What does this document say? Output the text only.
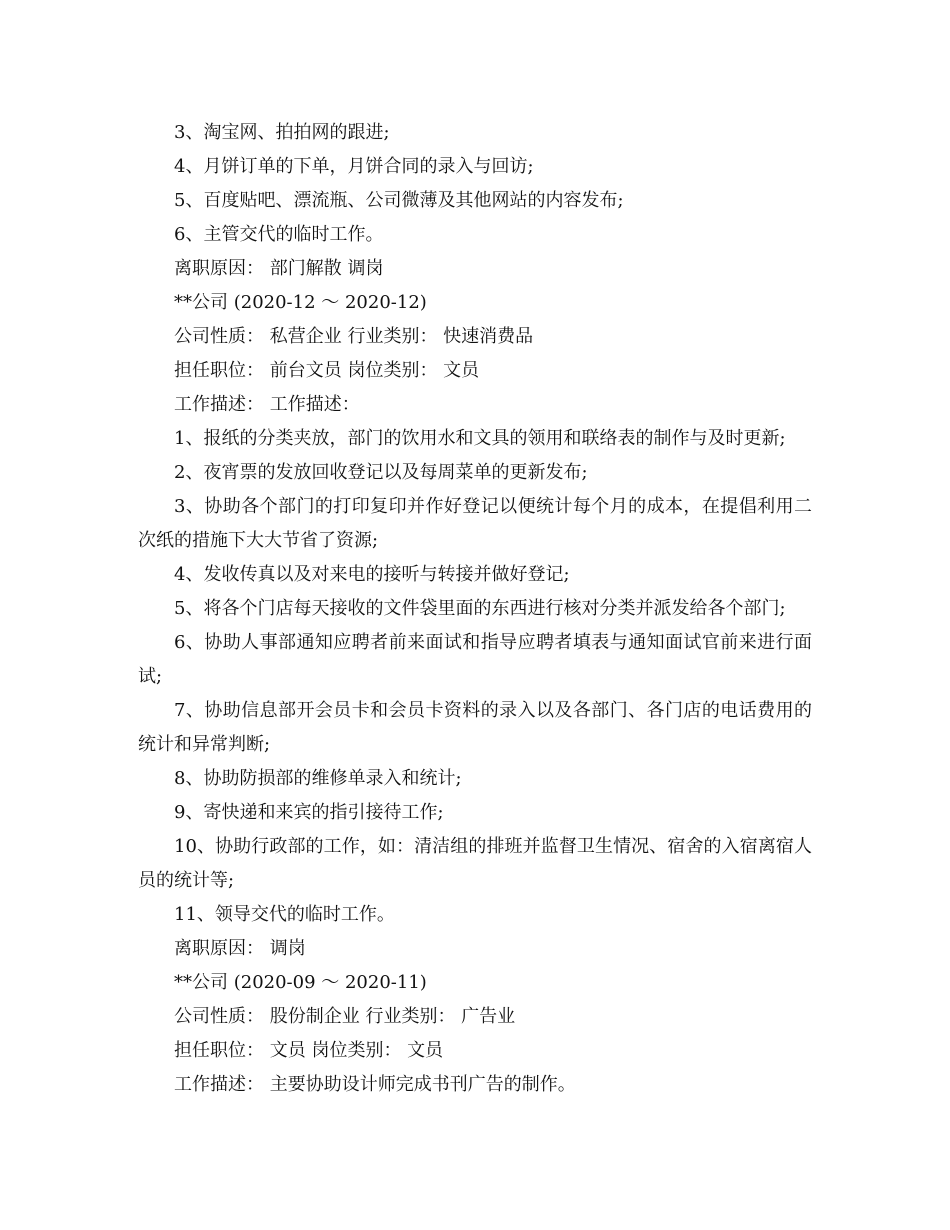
3、淘宝网、拍拍网的跟进;

4、月饼订单的下单，月饼合同的录入与回访;

5、百度贴吧、漂流瓶、公司微薄及其他网站的内容发布;

6、主管交代的临时工作。

离职原因： 部门解散 调岗

**公司 (2020-12 ～ 2020-12)

公司性质： 私营企业 行业类别： 快速消费品

担任职位： 前台文员 岗位类别： 文员

工作描述： 工作描述：

1、报纸的分类夹放，部门的饮用水和文具的领用和联络表的制作与及时更新;

2、夜宵票的发放回收登记以及每周菜单的更新发布;

3、协助各个部门的打印复印并作好登记以便统计每个月的成本，在提倡利用二次纸的措施下大大节省了资源;

4、发收传真以及对来电的接听与转接并做好登记;

5、将各个门店每天接收的文件袋里面的东西进行核对分类并派发给各个部门;

6、协助人事部通知应聘者前来面试和指导应聘者填表与通知面试官前来进行面试;

7、协助信息部开会员卡和会员卡资料的录入以及各部门、各门店的电话费用的统计和异常判断;

8、协助防损部的维修单录入和统计;

9、寄快递和来宾的指引接待工作;

10、协助行政部的工作，如：清洁组的排班并监督卫生情况、宿舍的入宿离宿人员的统计等;

11、领导交代的临时工作。

离职原因： 调岗

**公司 (2020-09 ～ 2020-11)

公司性质： 股份制企业 行业类别： 广告业

担任职位： 文员 岗位类别： 文员

工作描述： 主要协助设计师完成书刊广告的制作。
